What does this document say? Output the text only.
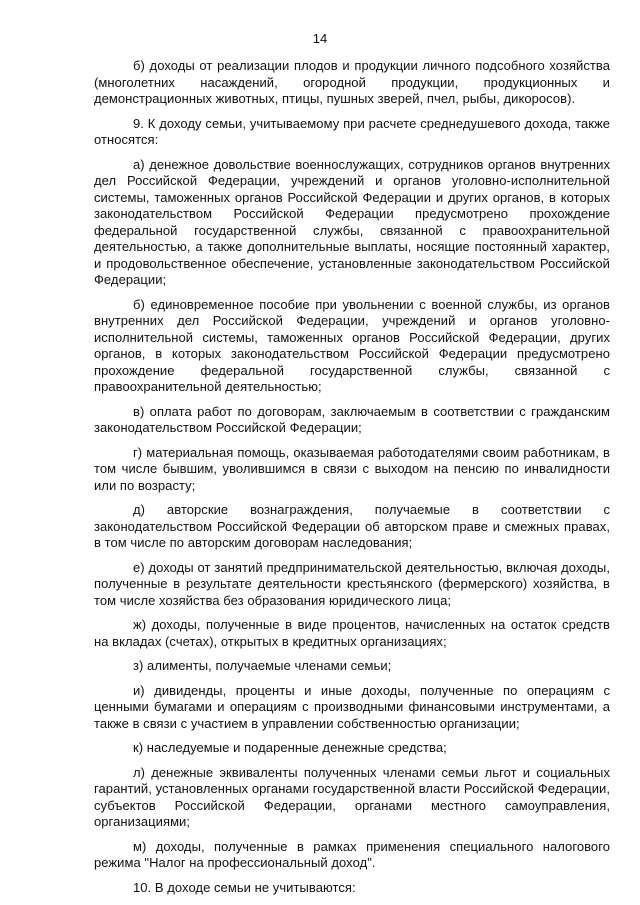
14

б) доходы от реализации плодов и продукции личного подсобного хозяйства (многолетних насаждений, огородной продукции, продукционных и демонстрационных животных, птицы, пушных зверей, пчел, рыбы, дикоросов).

9. К доходу семьи, учитываемому при расчете среднедушевого дохода, также относятся:

а) денежное довольствие военнослужащих, сотрудников органов внутренних дел Российской Федерации, учреждений и органов уголовно-исполнительной системы, таможенных органов Российской Федерации и других органов, в которых законодательством Российской Федерации предусмотрено прохождение федеральной государственной службы, связанной с правоохранительной деятельностью, а также дополнительные выплаты, носящие постоянный характер, и продовольственное обеспечение, установленные законодательством Российской Федерации;

б) единовременное пособие при увольнении с военной службы, из органов внутренних дел Российской Федерации, учреждений и органов уголовно-исполнительной системы, таможенных органов Российской Федерации, других органов, в которых законодательством Российской Федерации предусмотрено прохождение федеральной государственной службы, связанной с правоохранительной деятельностью;

в) оплата работ по договорам, заключаемым в соответствии с гражданским законодательством Российской Федерации;

г) материальная помощь, оказываемая работодателями своим работникам, в том числе бывшим, уволившимся в связи с выходом на пенсию по инвалидности или по возрасту;

д) авторские вознаграждения, получаемые в соответствии с законодательством Российской Федерации об авторском праве и смежных правах, в том числе по авторским договорам наследования;

е) доходы от занятий предпринимательской деятельностью, включая доходы, полученные в результате деятельности крестьянского (фермерского) хозяйства, в том числе хозяйства без образования юридического лица;

ж) доходы, полученные в виде процентов, начисленных на остаток средств на вкладах (счетах), открытых в кредитных организациях;

з) алименты, получаемые членами семьи;

и) дивиденды, проценты и иные доходы, полученные по операциям с ценными бумагами и операциям с производными финансовыми инструментами, а также в связи с участием в управлении собственностью организации;

к) наследуемые и подаренные денежные средства;

л) денежные эквиваленты полученных членами семьи льгот и социальных гарантий, установленных органами государственной власти Российской Федерации, субъектов Российской Федерации, органами местного самоуправления, организациями;

м) доходы, полученные в рамках применения специального налогового режима "Налог на профессиональный доход".

10. В доходе семьи не учитываются:
